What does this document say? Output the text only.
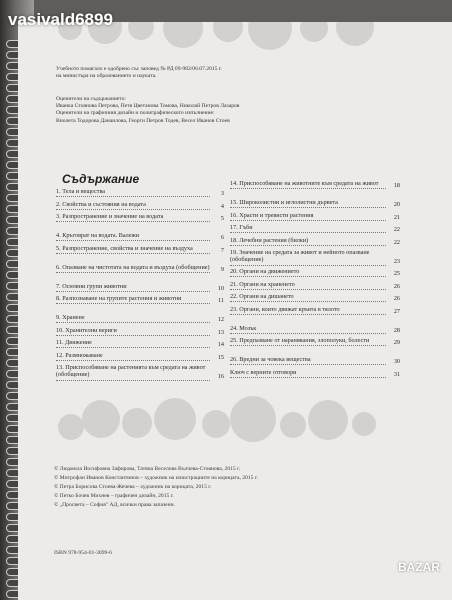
Учебното помагало е одобрено със заповед № РД 09-982/06.07.2015 г.
на министъра на образованието и науката.
Оценители на съдържанието:
Иванка Стоянова Петрова, Петя Цветанова Томова, Николай Петров Лазаров
Оценители на графичния дизайн и полиграфическото изпълнение:
Виолета Тодорова Данаилова, Георги Петров Тодев, Весел Иванов Стоев
Съдържание
1. Тела и вещества	3
2. Свойства и състояния на водата	4
3. Разпространение и значение на водата	5
4. Кръговрат на водата. Валежи	6
5. Разпространение, свойства и значение на въздуха	7
6. Опазване на чистотата на водата и въздуха (обобщение)	9
7. Основни групи животни	10
8. Разпознаване на групите растения и животни	11
9. Хранене	12
10. Хранителни вериги	13
11. Движение	14
12. Размножаване	15
13. Приспособяване на растенията към средата на живот (обобщение)	16
14. Приспособяване на животните към средата на живот	18
15. Широколистни и иглолистни дървета	20
16. Храсти и тревисти растения	21
17. Гъби	22
18. Лечебни растения (билки)	22
19. Значение на средата за живот и нейното опазване (обобщение)	23
20. Органи на движението	25
21. Органи на храненето	26
22. Органи на дишането	26
23. Органи, които движат кръвта в тялото	27
24. Мозък	28
25. Предпазване от наранявания, злополуки, болести	29
26. Вредни за човека вещества	30
Ключ с верните отговори	31
© Людмила Иосифовна Зафирова, Татяна Веселова Вълчева-Стоянова, 2015 г.
© Митрофан Иванов Константинов – художник на илюстрациите на корицата, 2015 г.
© Петра Борисова Стоева-Жечева – художник на корицата, 2015 г.
© Петко Бочев Михнев – графичен дизайн, 2015 г.
© „Просвета – София" АД, всички права запазени.
ISBN 978-954-01-3099-6
vasivald6899
BAZAR
